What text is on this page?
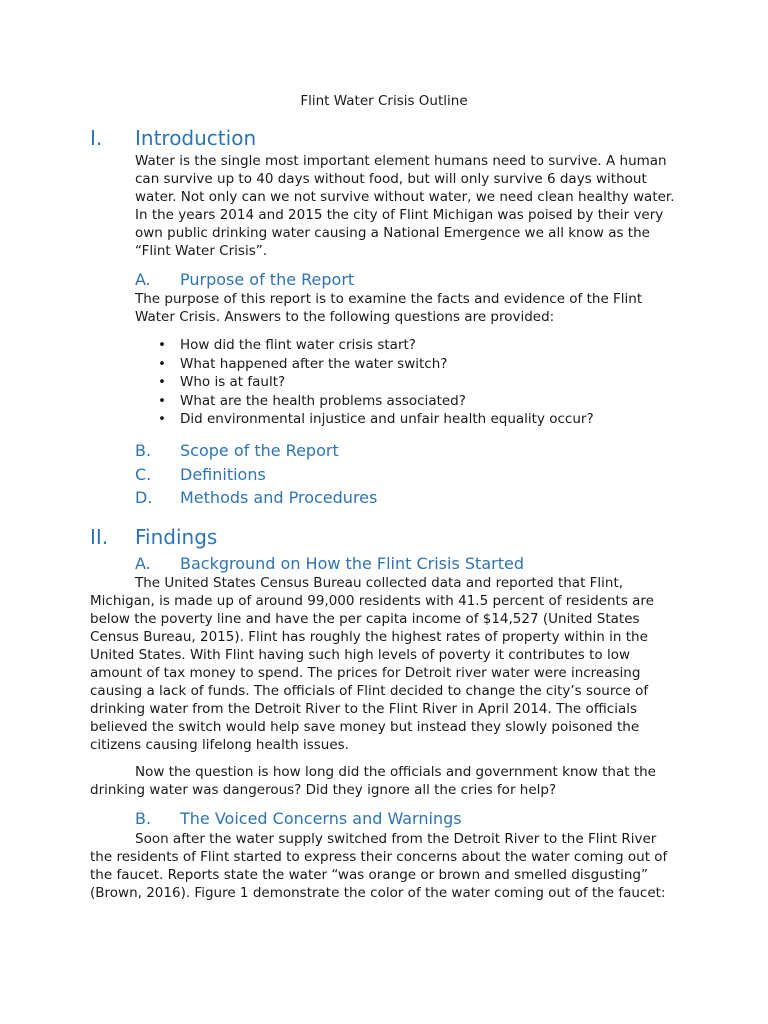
Flint Water Crisis Outline
I. Introduction

Water is the single most important element humans need to survive. A human can survive up to 40 days without food, but will only survive 6 days without water. Not only can we not survive without water, we need clean healthy water. In the years 2014 and 2015 the city of Flint Michigan was poised by their very own public drinking water causing a National Emergence we all know as the “Flint Water Crisis”.

A. Purpose of the Report

The purpose of this report is to examine the facts and evidence of the Flint Water Crisis. Answers to the following questions are provided:

• How did the flint water crisis start?
• What happened after the water switch?
• Who is at fault?
• What are the health problems associated?
• Did environmental injustice and unfair health equality occur?
B. Scope of the Report
C. Definitions
D. Methods and Procedures
II. Findings
A. Background on How the Flint Crisis Started

The United States Census Bureau collected data and reported that Flint, Michigan, is made up of around 99,000 residents with 41.5 percent of residents are below the poverty line and have the per capita income of $14,527 (United States Census Bureau, 2015). Flint has roughly the highest rates of property within in the United States. With Flint having such high levels of poverty it contributes to low amount of tax money to spend. The prices for Detroit river water were increasing causing a lack of funds. The officials of Flint decided to change the city’s source of drinking water from the Detroit River to the Flint River in April 2014. The officials believed the switch would help save money but instead they slowly poisoned the citizens causing lifelong health issues.

Now the question is how long did the officials and government know that the drinking water was dangerous? Did they ignore all the cries for help?

B. The Voiced Concerns and Warnings

Soon after the water supply switched from the Detroit River to the Flint River the residents of Flint started to express their concerns about the water coming out of the faucet. Reports state the water “was orange or brown and smelled disgusting” (Brown, 2016). Figure 1 demonstrate the color of the water coming out of the faucet:
